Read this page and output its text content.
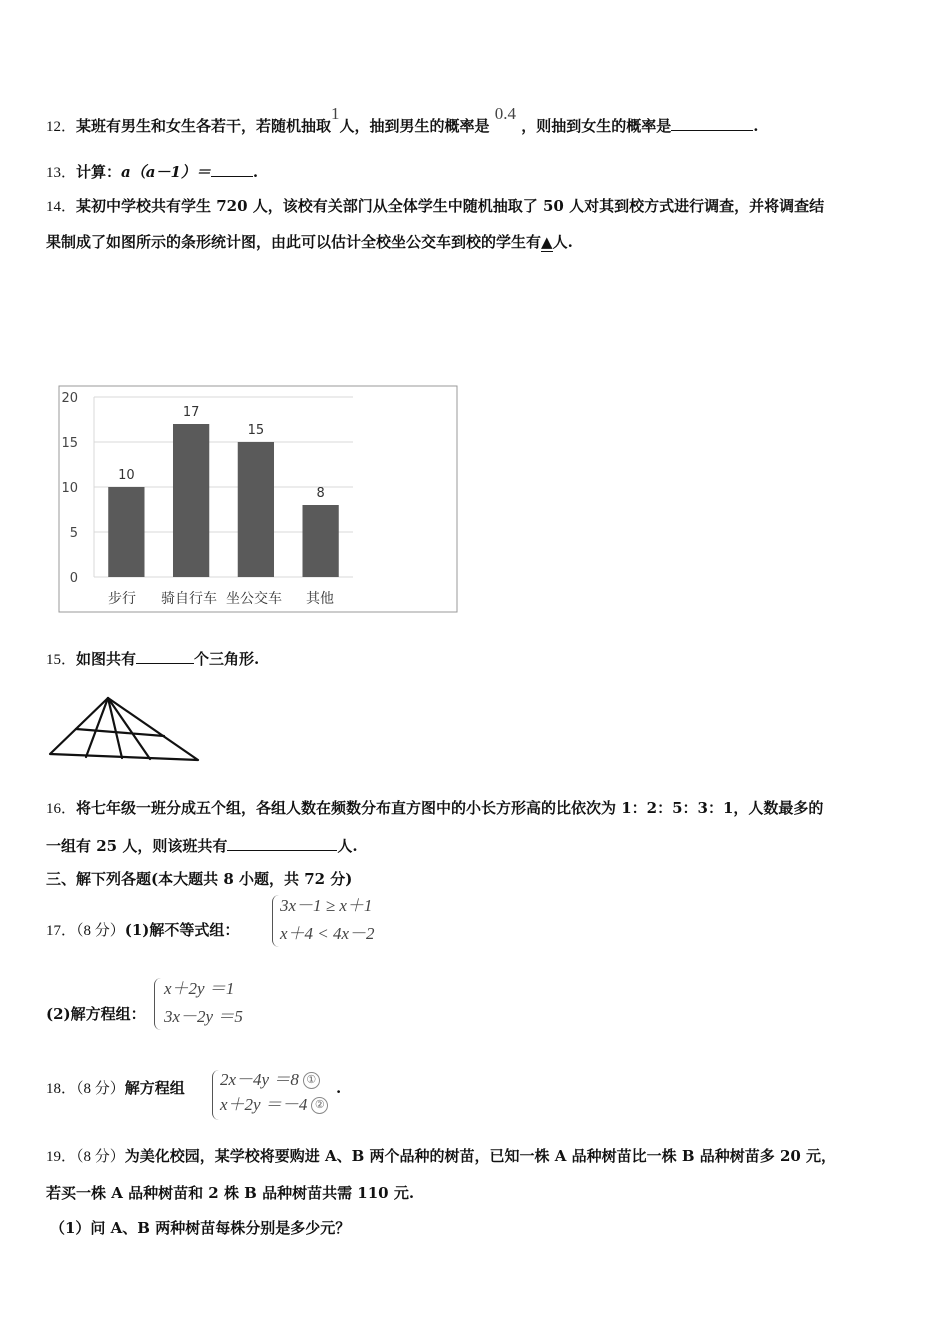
12．某班有男生和女生各若干，若随机抽取1人，抽到男生的概率是 0.4 ，则抽到女生的概率是	.
13．计算：a（a－1）＝	.
14．某初中学校共有学生 720 人，该校有关部门从全体学生中随机抽取了 50 人对其到校方式进行调查，并将调查结
果制成了如图所示的条形统计图，由此可以估计全校坐公交车到校的学生有▲人.
0
5
10
15
20
10
17
15
8
步行 骑自行车 坐公交车 其他
15．如图共有	个三角形.
16．将七年级一班分成五个组，各组人数在频数分布直方图中的小长方形高的比依次为 1：2：5：3：1，人数最多的
一组有 25 人，则该班共有	人.
三、解下列各题(本大题共 8 小题，共 72 分)
17．（8 分）(1)解不等式组：
3x－1 ≥ x＋1
x＋4 < 4x－2
(2)解方程组：
x＋2y ＝1
3x－2y ＝5
18．（8 分）解方程组 2x－4y ＝8 ①
x＋2y ＝－4 ②
.
19．（8 分）为美化校园，某学校将要购进 A、B 两个品种的树苗，已知一株 A 品种树苗比一株 B 品种树苗多 20 元，
若买一株 A 品种树苗和 2 株 B 品种树苗共需 110 元.
（1）问 A、B 两种树苗每株分别是多少元？
